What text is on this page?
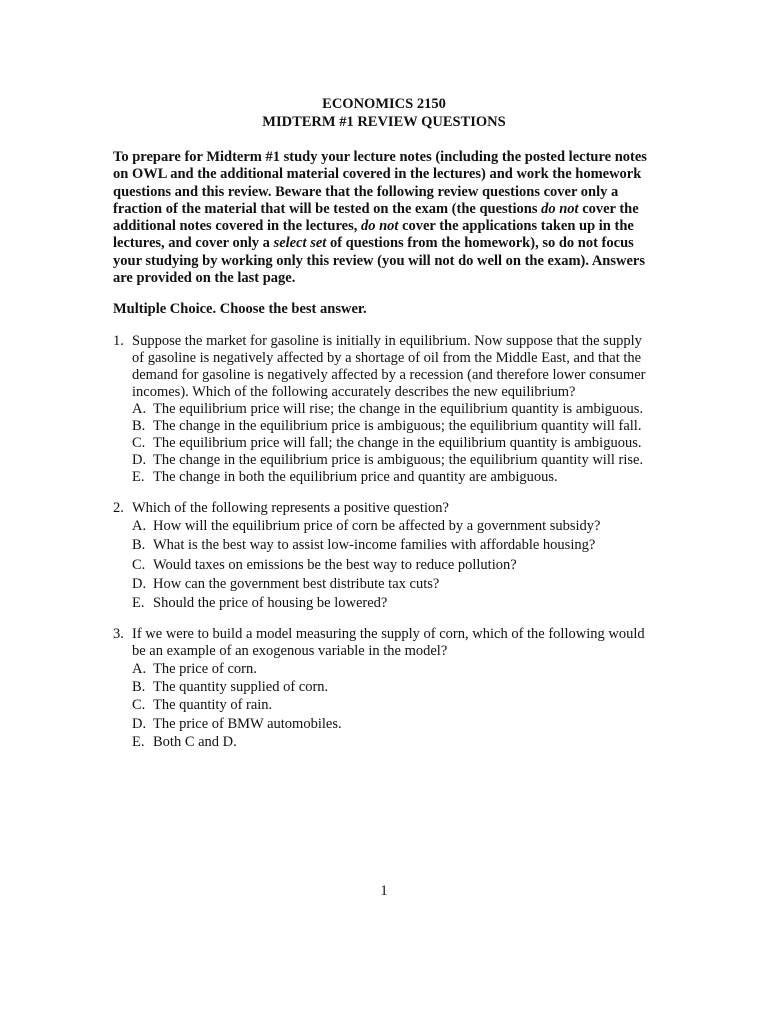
ECONOMICS 2150
MIDTERM #1 REVIEW QUESTIONS

To prepare for Midterm #1 study your lecture notes (including the posted lecture notes on OWL and the additional material covered in the lectures) and work the homework questions and this review. Beware that the following review questions cover only a fraction of the material that will be tested on the exam (the questions do not cover the additional notes covered in the lectures, do not cover the applications taken up in the lectures, and cover only a select set of questions from the homework), so do not focus your studying by working only this review (you will not do well on the exam). Answers are provided on the last page.

Multiple Choice. Choose the best answer.

1. Suppose the market for gasoline is initially in equilibrium. Now suppose that the supply of gasoline is negatively affected by a shortage of oil from the Middle East, and that the demand for gasoline is negatively affected by a recession (and therefore lower consumer incomes). Which of the following accurately describes the new equilibrium?

A. The equilibrium price will rise; the change in the equilibrium quantity is ambiguous.
B. The change in the equilibrium price is ambiguous; the equilibrium quantity will fall.
C. The equilibrium price will fall; the change in the equilibrium quantity is ambiguous.
D. The change in the equilibrium price is ambiguous; the equilibrium quantity will rise.
E. The change in both the equilibrium price and quantity are ambiguous.

2. Which of the following represents a positive question?

A. How will the equilibrium price of corn be affected by a government subsidy?
B. What is the best way to assist low-income families with affordable housing?
C. Would taxes on emissions be the best way to reduce pollution?
D. How can the government best distribute tax cuts?
E. Should the price of housing be lowered?

3. If we were to build a model measuring the supply of corn, which of the following would be an example of an exogenous variable in the model?

A. The price of corn.
B. The quantity supplied of corn.
C. The quantity of rain.
D. The price of BMW automobiles.
E. Both C and D.
1
